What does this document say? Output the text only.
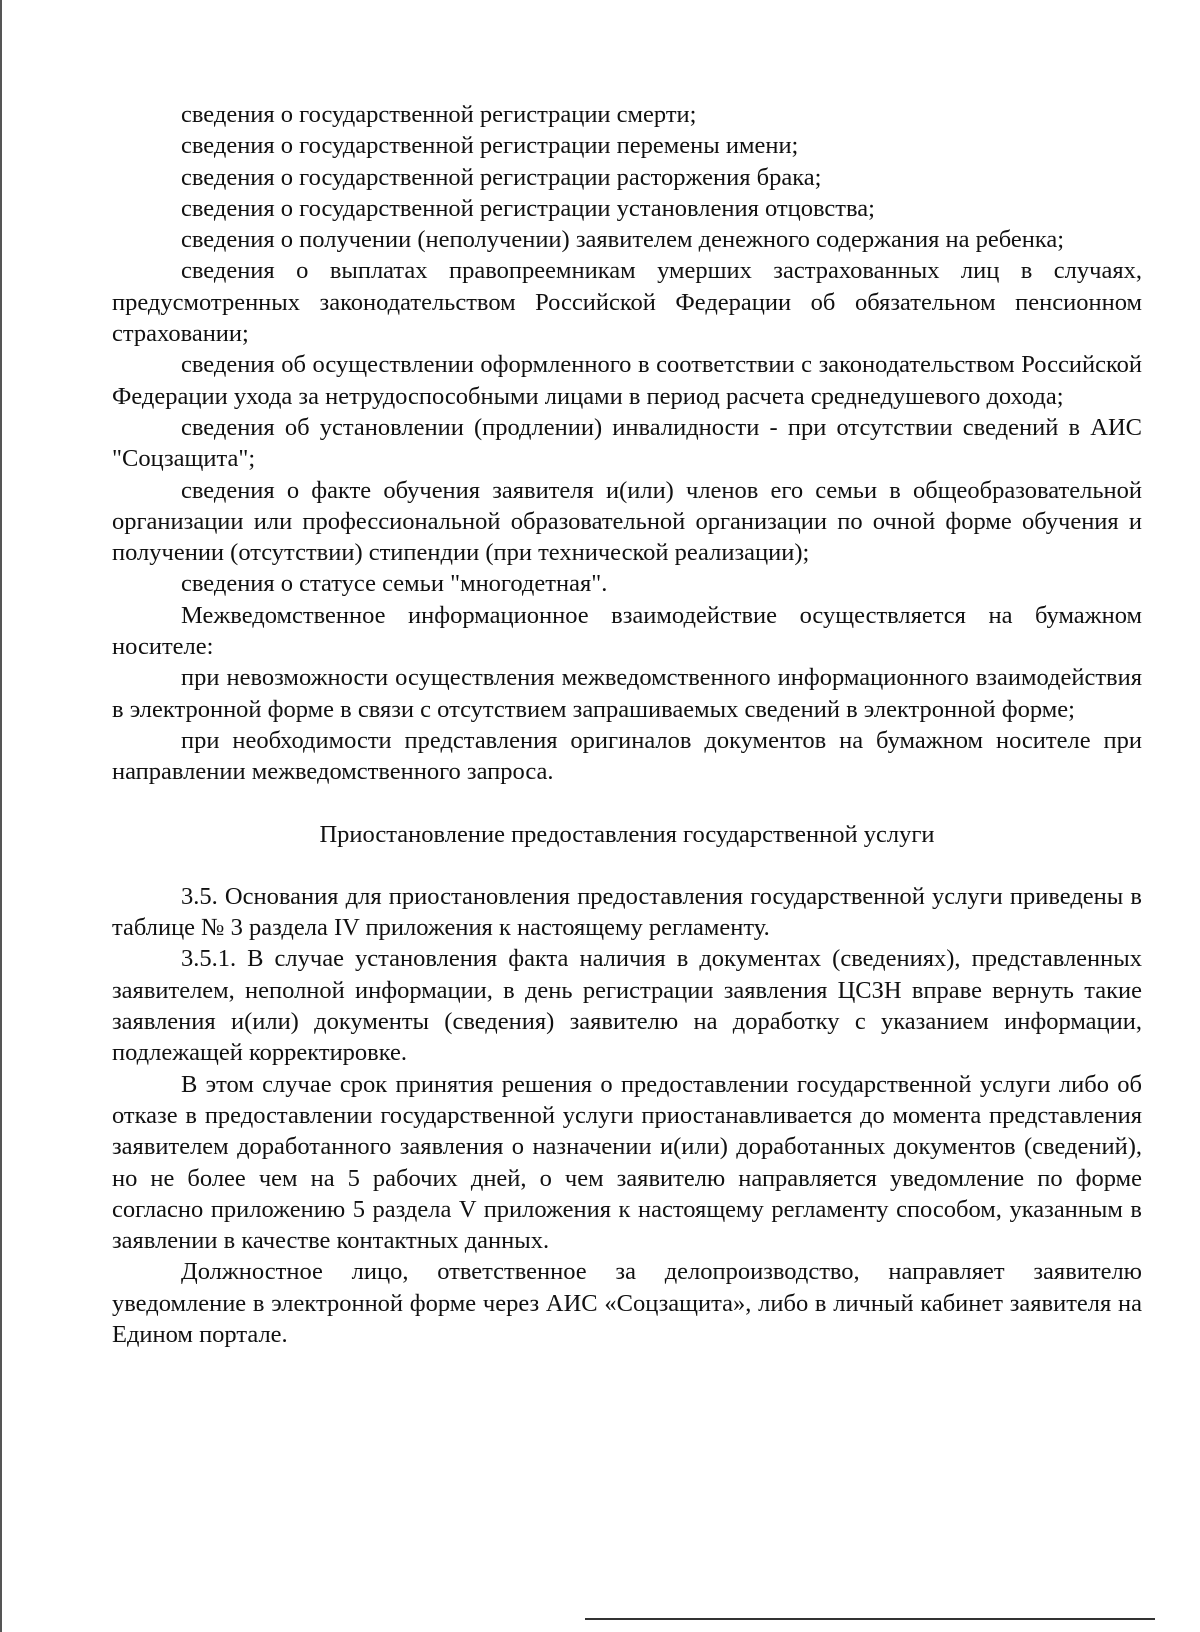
сведения о государственной регистрации смерти;

сведения о государственной регистрации перемены имени;

сведения о государственной регистрации расторжения брака;

сведения о государственной регистрации установления отцовства;

сведения о получении (неполучении) заявителем денежного содержания на ребенка;

сведения о выплатах правопреемникам умерших застрахованных лиц в случаях, предусмотренных законодательством Российской Федерации об обязательном пенсионном страховании;

сведения об осуществлении оформленного в соответствии с законодательством Российской Федерации ухода за нетрудоспособными лицами в период расчета среднедушевого дохода;

сведения об установлении (продлении) инвалидности - при отсутствии сведений в АИС "Соцзащита";

сведения о факте обучения заявителя и(или) членов его семьи в общеобразовательной организации или профессиональной образовательной организации по очной форме обучения и получении (отсутствии) стипендии (при технической реализации);

сведения о статусе семьи "многодетная".

Межведомственное информационное взаимодействие осуществляется на бумажном носителе:

при невозможности осуществления межведомственного информационного взаимодействия в электронной форме в связи с отсутствием запрашиваемых сведений в электронной форме;

при необходимости представления оригиналов документов на бумажном носителе при направлении межведомственного запроса.

Приостановление предоставления государственной услуги

3.5. Основания для приостановления предоставления государственной услуги приведены в таблице № 3 раздела IV приложения к настоящему регламенту.

3.5.1. В случае установления факта наличия в документах (сведениях), представленных заявителем, неполной информации, в день регистрации заявления ЦСЗН вправе вернуть такие заявления и(или) документы (сведения) заявителю на доработку с указанием информации, подлежащей корректировке.

В этом случае срок принятия решения о предоставлении государственной услуги либо об отказе в предоставлении государственной услуги приостанавливается до момента представления заявителем доработанного заявления о назначении и(или) доработанных документов (сведений), но не более чем на 5 рабочих дней, о чем заявителю направляется уведомление по форме согласно приложению 5 раздела V приложения к настоящему регламенту способом, указанным в заявлении в качестве контактных данных.

Должностное лицо, ответственное за делопроизводство, направляет заявителю уведомление в электронной форме через АИС «Соцзащита», либо в личный кабинет заявителя на Едином портале.
